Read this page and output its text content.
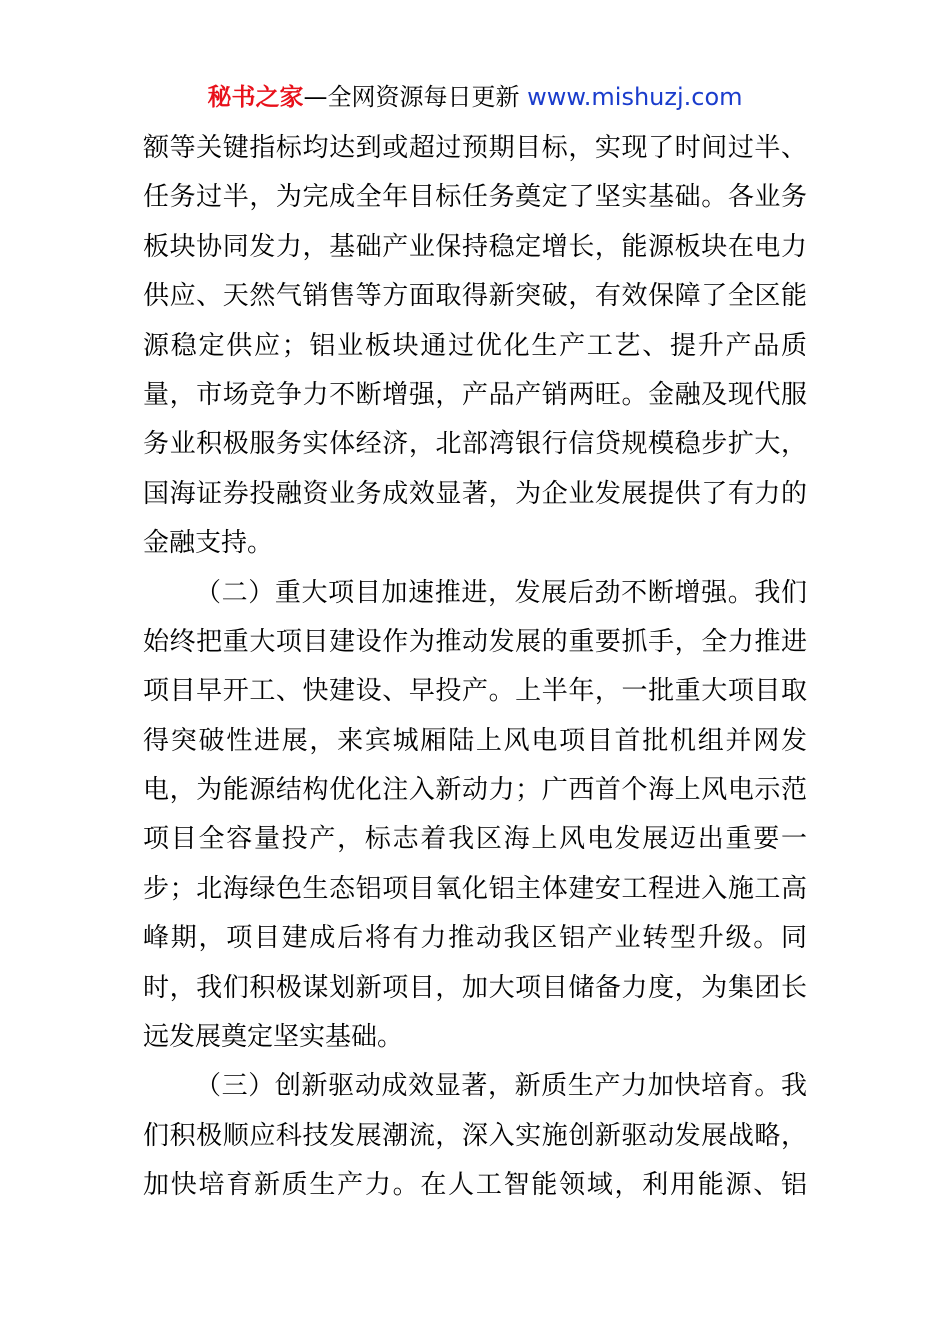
秘书之家—全网资源每日更新 www.mishuzj.com
额等关键指标均达到或超过预期目标，实现了时间过半、
任务过半，为完成全年目标任务奠定了坚实基础。各业务
板块协同发力，基础产业保持稳定增长，能源板块在电力
供应、天然气销售等方面取得新突破，有效保障了全区能
源稳定供应；铝业板块通过优化生产工艺、提升产品质
量，市场竞争力不断增强，产品产销两旺。金融及现代服
务业积极服务实体经济，北部湾银行信贷规模稳步扩大，
国海证券投融资业务成效显著，为企业发展提供了有力的
金融支持。
（二）重大项目加速推进，发展后劲不断增强。我们
始终把重大项目建设作为推动发展的重要抓手，全力推进
项目早开工、快建设、早投产。上半年，一批重大项目取
得突破性进展，来宾城厢陆上风电项目首批机组并网发
电，为能源结构优化注入新动力；广西首个海上风电示范
项目全容量投产，标志着我区海上风电发展迈出重要一
步；北海绿色生态铝项目氧化铝主体建安工程进入施工高
峰期，项目建成后将有力推动我区铝产业转型升级。同
时，我们积极谋划新项目，加大项目储备力度，为集团长
远发展奠定坚实基础。
（三）创新驱动成效显著，新质生产力加快培育。我
们积极顺应科技发展潮流，深入实施创新驱动发展战略，
加快培育新质生产力。在人工智能领域，利用能源、铝
